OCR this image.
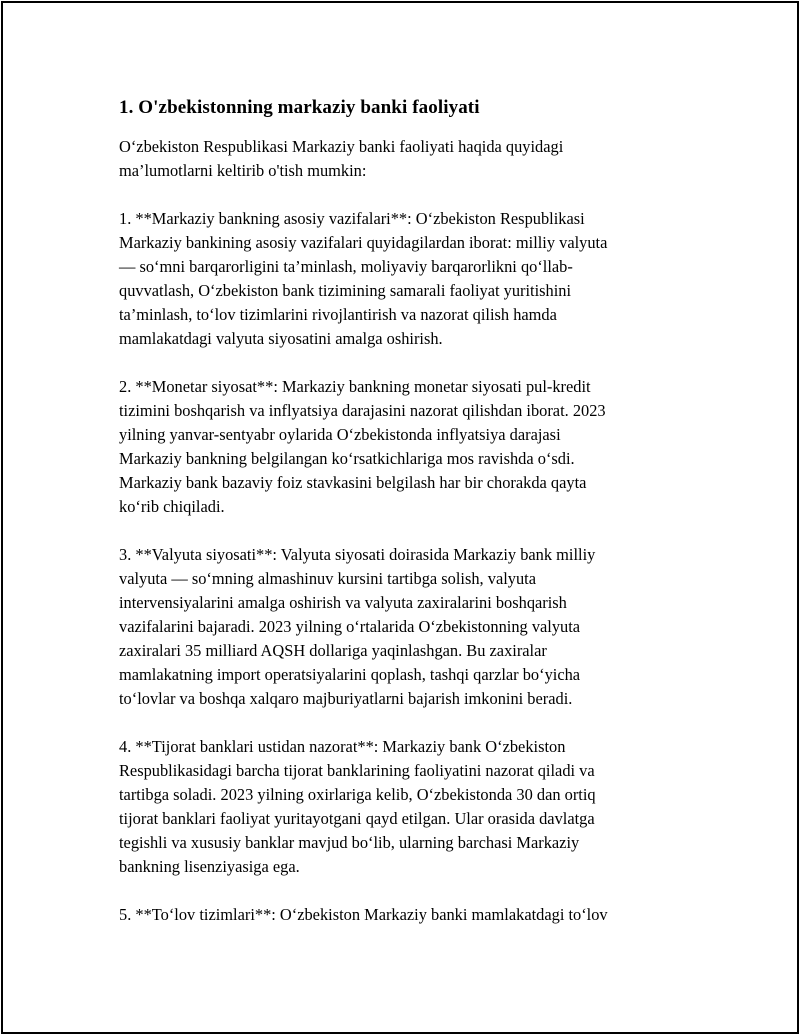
1. O'zbekistonning markaziy banki faoliyati

O‘zbekiston Respublikasi Markaziy banki faoliyati haqida quyidagi
ma’lumotlarni keltirib o'tish mumkin:

1. **Markaziy bankning asosiy vazifalari**: O‘zbekiston Respublikasi
Markaziy bankining asosiy vazifalari quyidagilardan iborat: milliy valyuta
— so‘mni barqarorligini ta’minlash, moliyaviy barqarorlikni qo‘llab-
quvvatlash, O‘zbekiston bank tizimining samarali faoliyat yuritishini
ta’minlash, to‘lov tizimlarini rivojlantirish va nazorat qilish hamda
mamlakatdagi valyuta siyosatini amalga oshirish.

2. **Monetar siyosat**: Markaziy bankning monetar siyosati pul-kredit
tizimini boshqarish va inflyatsiya darajasini nazorat qilishdan iborat. 2023
yilning yanvar-sentyabr oylarida O‘zbekistonda inflyatsiya darajasi
Markaziy bankning belgilangan ko‘rsatkichlariga mos ravishda o‘sdi.
Markaziy bank bazaviy foiz stavkasini belgilash har bir chorakda qayta
ko‘rib chiqiladi.

3. **Valyuta siyosati**: Valyuta siyosati doirasida Markaziy bank milliy
valyuta — so‘mning almashinuv kursini tartibga solish, valyuta
intervensiyalarini amalga oshirish va valyuta zaxiralarini boshqarish
vazifalarini bajaradi. 2023 yilning o‘rtalarida O‘zbekistonning valyuta
zaxiralari 35 milliard AQSH dollariga yaqinlashgan. Bu zaxiralar
mamlakatning import operatsiyalarini qoplash, tashqi qarzlar bo‘yicha
to‘lovlar va boshqa xalqaro majburiyatlarni bajarish imkonini beradi.

4. **Tijorat banklari ustidan nazorat**: Markaziy bank O‘zbekiston
Respublikasidagi barcha tijorat banklarining faoliyatini nazorat qiladi va
tartibga soladi. 2023 yilning oxirlariga kelib, O‘zbekistonda 30 dan ortiq
tijorat banklari faoliyat yuritayotgani qayd etilgan. Ular orasida davlatga
tegishli va xususiy banklar mavjud bo‘lib, ularning barchasi Markaziy
bankning lisenziyasiga ega.

5. **To‘lov tizimlari**: O‘zbekiston Markaziy banki mamlakatdagi to‘lov
